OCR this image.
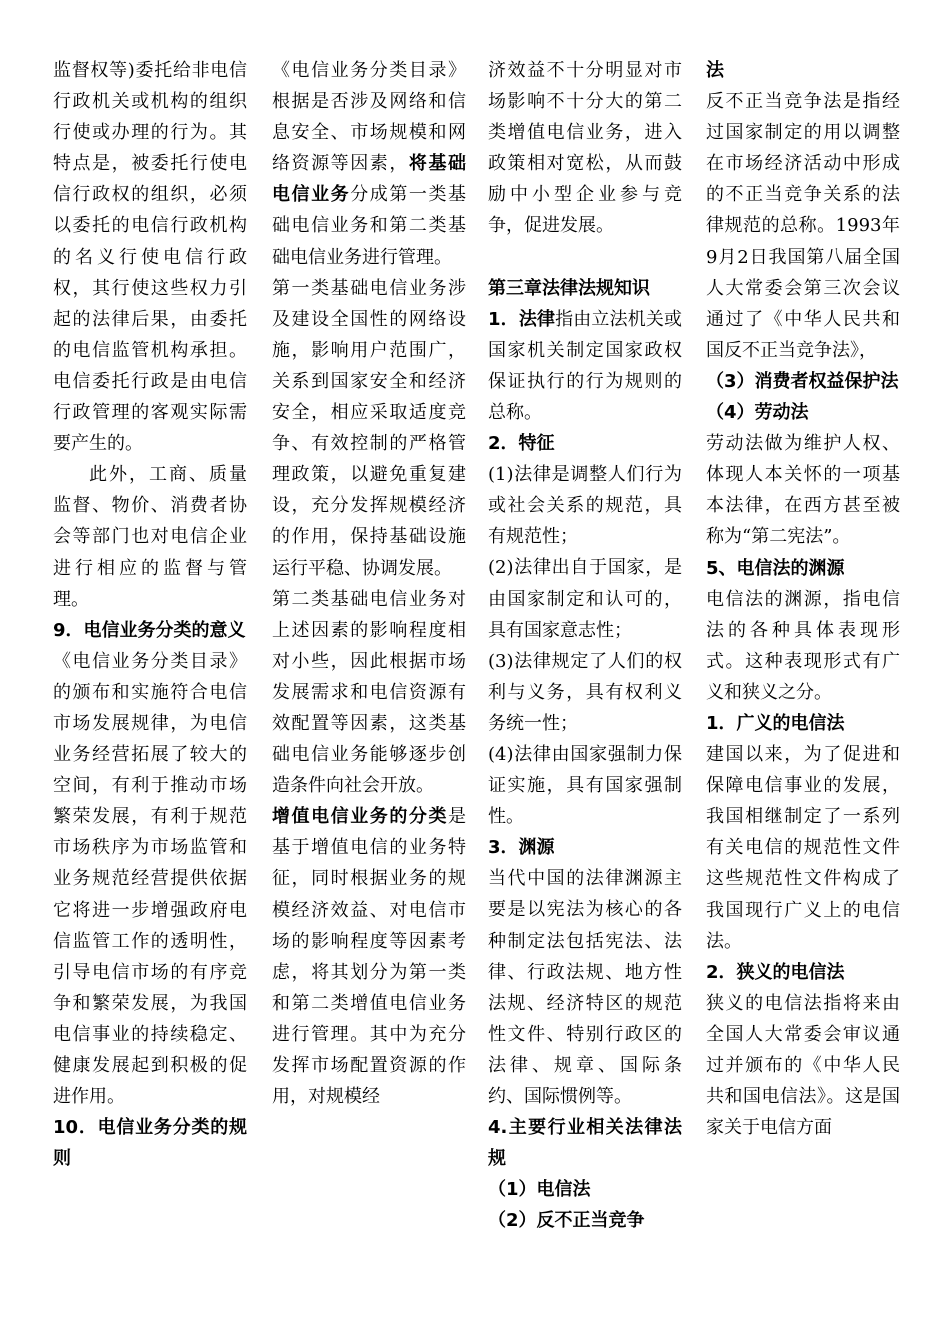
监督权等)委托给非电信行政机关或机构的组织行使或办理的行为。其特点是，被委托行使电信行政权的组织，必须以委托的电信行政机构的名义行使电信行政权，其行使这些权力引起的法律后果，由委托的电信监管机构承担。电信委托行政是由电信行政管理的客观实际需要产生的。

此外，工商、质量监督、物价、消费者协会等部门也对电信企业进行相应的监督与管理。

9．电信业务分类的意义

《电信业务分类目录》的颁布和实施符合电信市场发展规律，为电信业务经营拓展了较大的空间，有利于推动市场繁荣发展，有利于规范市场秩序为市场监管和业务规范经营提供依据它将进一步增强政府电信监管工作的透明性，引导电信市场的有序竞争和繁荣发展，为我国电信事业的持续稳定、健康发展起到积极的促进作用。

10．电信业务分类的规则

《电信业务分类目录》根据是否涉及网络和信息安全、市场规模和网络资源等因素，将基础电信业务分成第一类基础电信业务和第二类基础电信业务进行管理。

第一类基础电信业务涉及建设全国性的网络设施，影响用户范围广，关系到国家安全和经济安全，相应采取适度竞争、有效控制的严格管理政策，以避免重复建设，充分发挥规模经济的作用，保持基础设施运行平稳、协调发展。

第二类基础电信业务对上述因素的影响程度相对小些，因此根据市场发展需求和电信资源有效配置等因素，这类基础电信业务能够逐步创造条件向社会开放。

增值电信业务的分类是基于增值电信的业务特征，同时根据业务的规模经济效益、对电信市场的影响程度等因素考虑，将其划分为第一类和第二类增值电信业务进行管理。其中为充分发挥市场配置资源的作用，对规模经

济效益不十分明显对市场影响不十分大的第二类增值电信业务，进入政策相对宽松，从而鼓励中小型企业参与竞争，促进发展。

第三章法律法规知识

1．法律指由立法机关或国家机关制定国家政权保证执行的行为规则的总称。

2．特征

(1)法律是调整人们行为或社会关系的规范，具有规范性；

(2)法律出自于国家，是由国家制定和认可的，具有国家意志性；

(3)法律规定了人们的权利与义务，具有权利义务统一性；

(4)法律由国家强制力保证实施，具有国家强制性。

3．渊源

当代中国的法律渊源主要是以宪法为核心的各种制定法包括宪法、法律、行政法规、地方性法规、经济特区的规范性文件、特别行政区的法律、规章、国际条约、国际惯例等。

4.主要行业相关法律法规

（1）电信法

（2）反不正当竞争

法

反不正当竞争法是指经过国家制定的用以调整在市场经济活动中形成的不正当竞争关系的法律规范的总称。1993年9月2日我国第八届全国人大常委会第三次会议通过了《中华人民共和国反不正当竞争法》，

（3）消费者权益保护法

（4）劳动法

劳动法做为维护人权、体现人本关怀的一项基本法律，在西方甚至被称为“第二宪法”。

5、电信法的渊源

电信法的渊源，指电信法的各种具体表现形式。这种表现形式有广义和狭义之分。

1．广义的电信法

建国以来，为了促进和保障电信事业的发展，我国相继制定了一系列有关电信的规范性文件这些规范性文件构成了我国现行广义上的电信法。

2．狭义的电信法

狭义的电信法指将来由全国人大常委会审议通过并颁布的《中华人民共和国电信法》。这是国家关于电信方面
